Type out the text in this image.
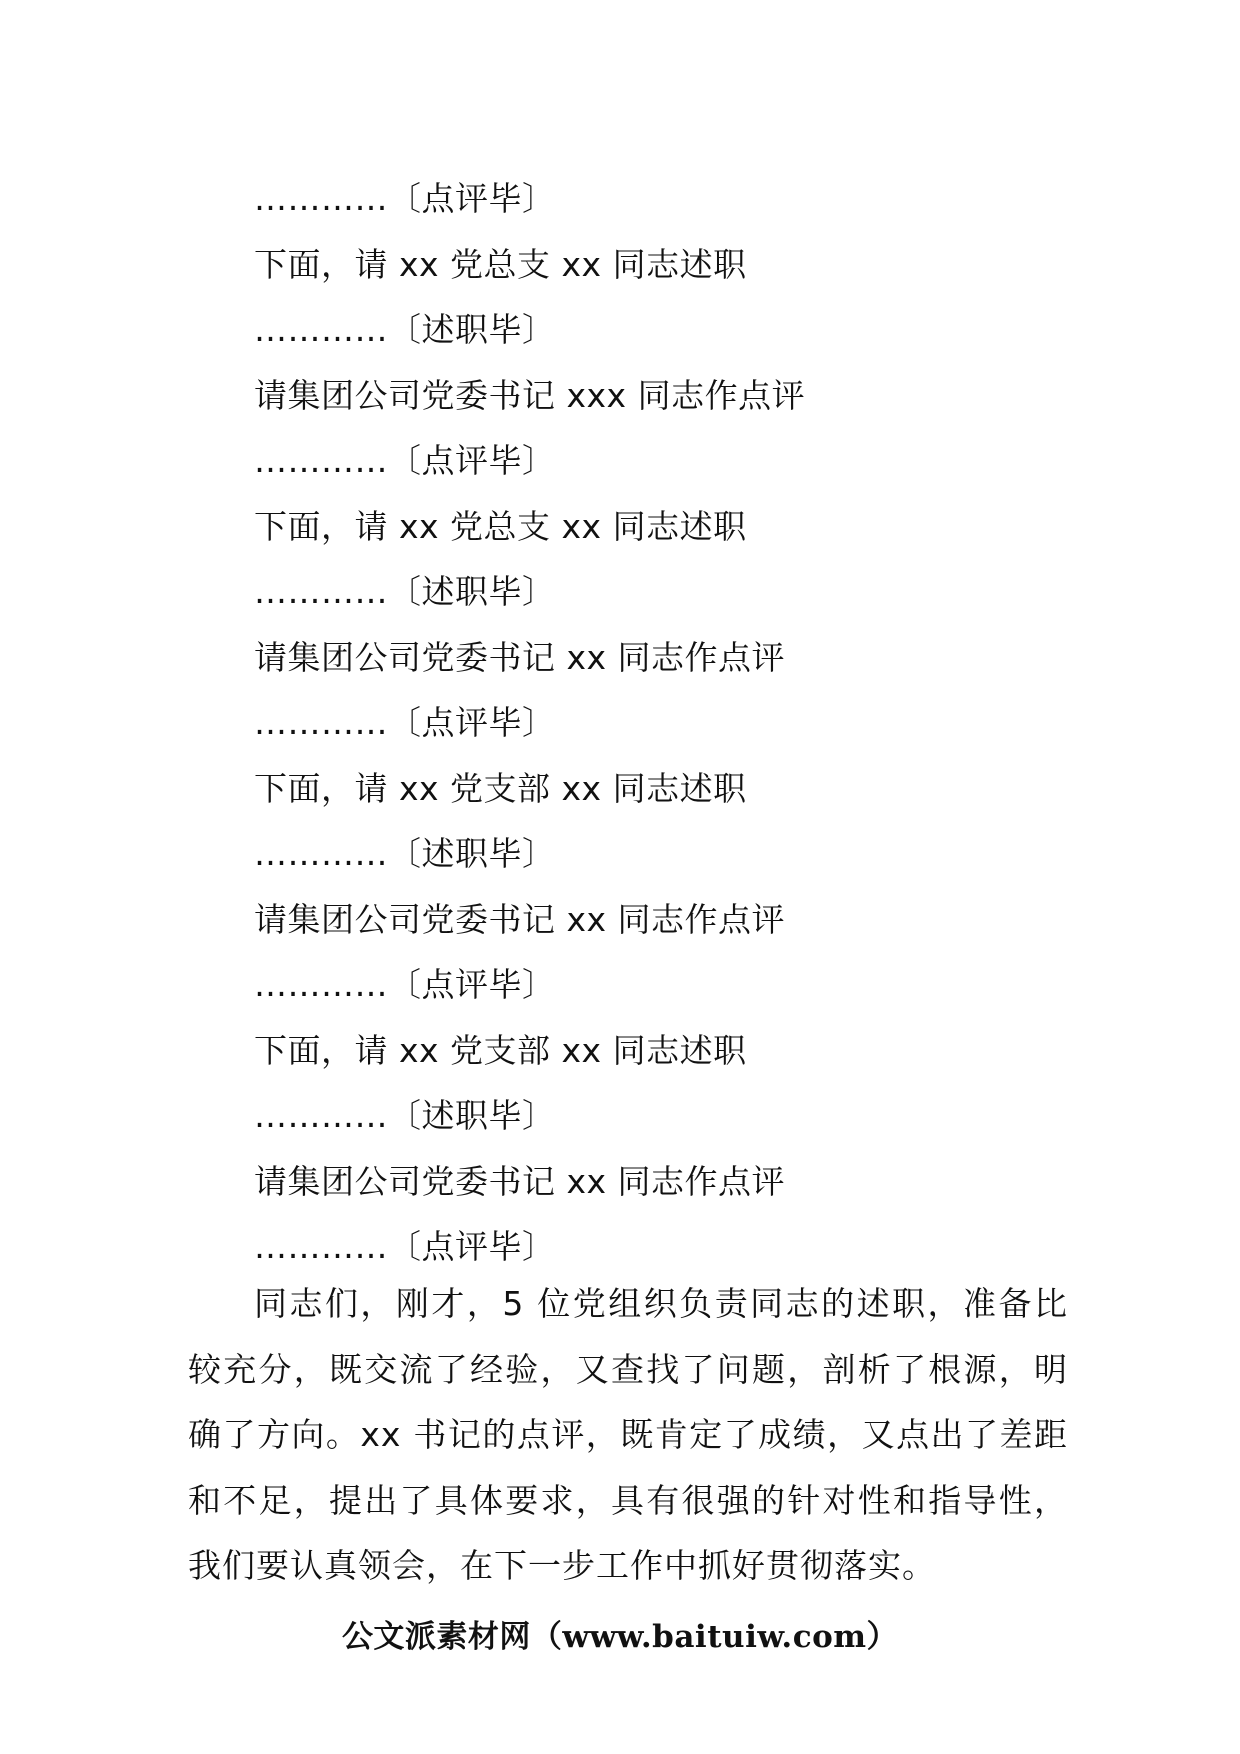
…………〔点评毕〕
下面，请 xx 党总支 xx 同志述职
…………〔述职毕〕
请集团公司党委书记 xxx 同志作点评
…………〔点评毕〕
下面，请 xx 党总支 xx 同志述职
…………〔述职毕〕
请集团公司党委书记 xx 同志作点评
…………〔点评毕〕
下面，请 xx 党支部 xx 同志述职
…………〔述职毕〕
请集团公司党委书记 xx 同志作点评
…………〔点评毕〕
下面，请 xx 党支部 xx 同志述职
…………〔述职毕〕
请集团公司党委书记 xx 同志作点评
…………〔点评毕〕

同志们，刚才，5 位党组织负责同志的述职，准备比较充分，既交流了经验，又查找了问题，剖析了根源，明确了方向。xx 书记的点评，既肯定了成绩，又点出了差距和不足，提出了具体要求，具有很强的针对性和指导性，我们要认真领会，在下一步工作中抓好贯彻落实。

公文派素材网（www.baituiw.com）
